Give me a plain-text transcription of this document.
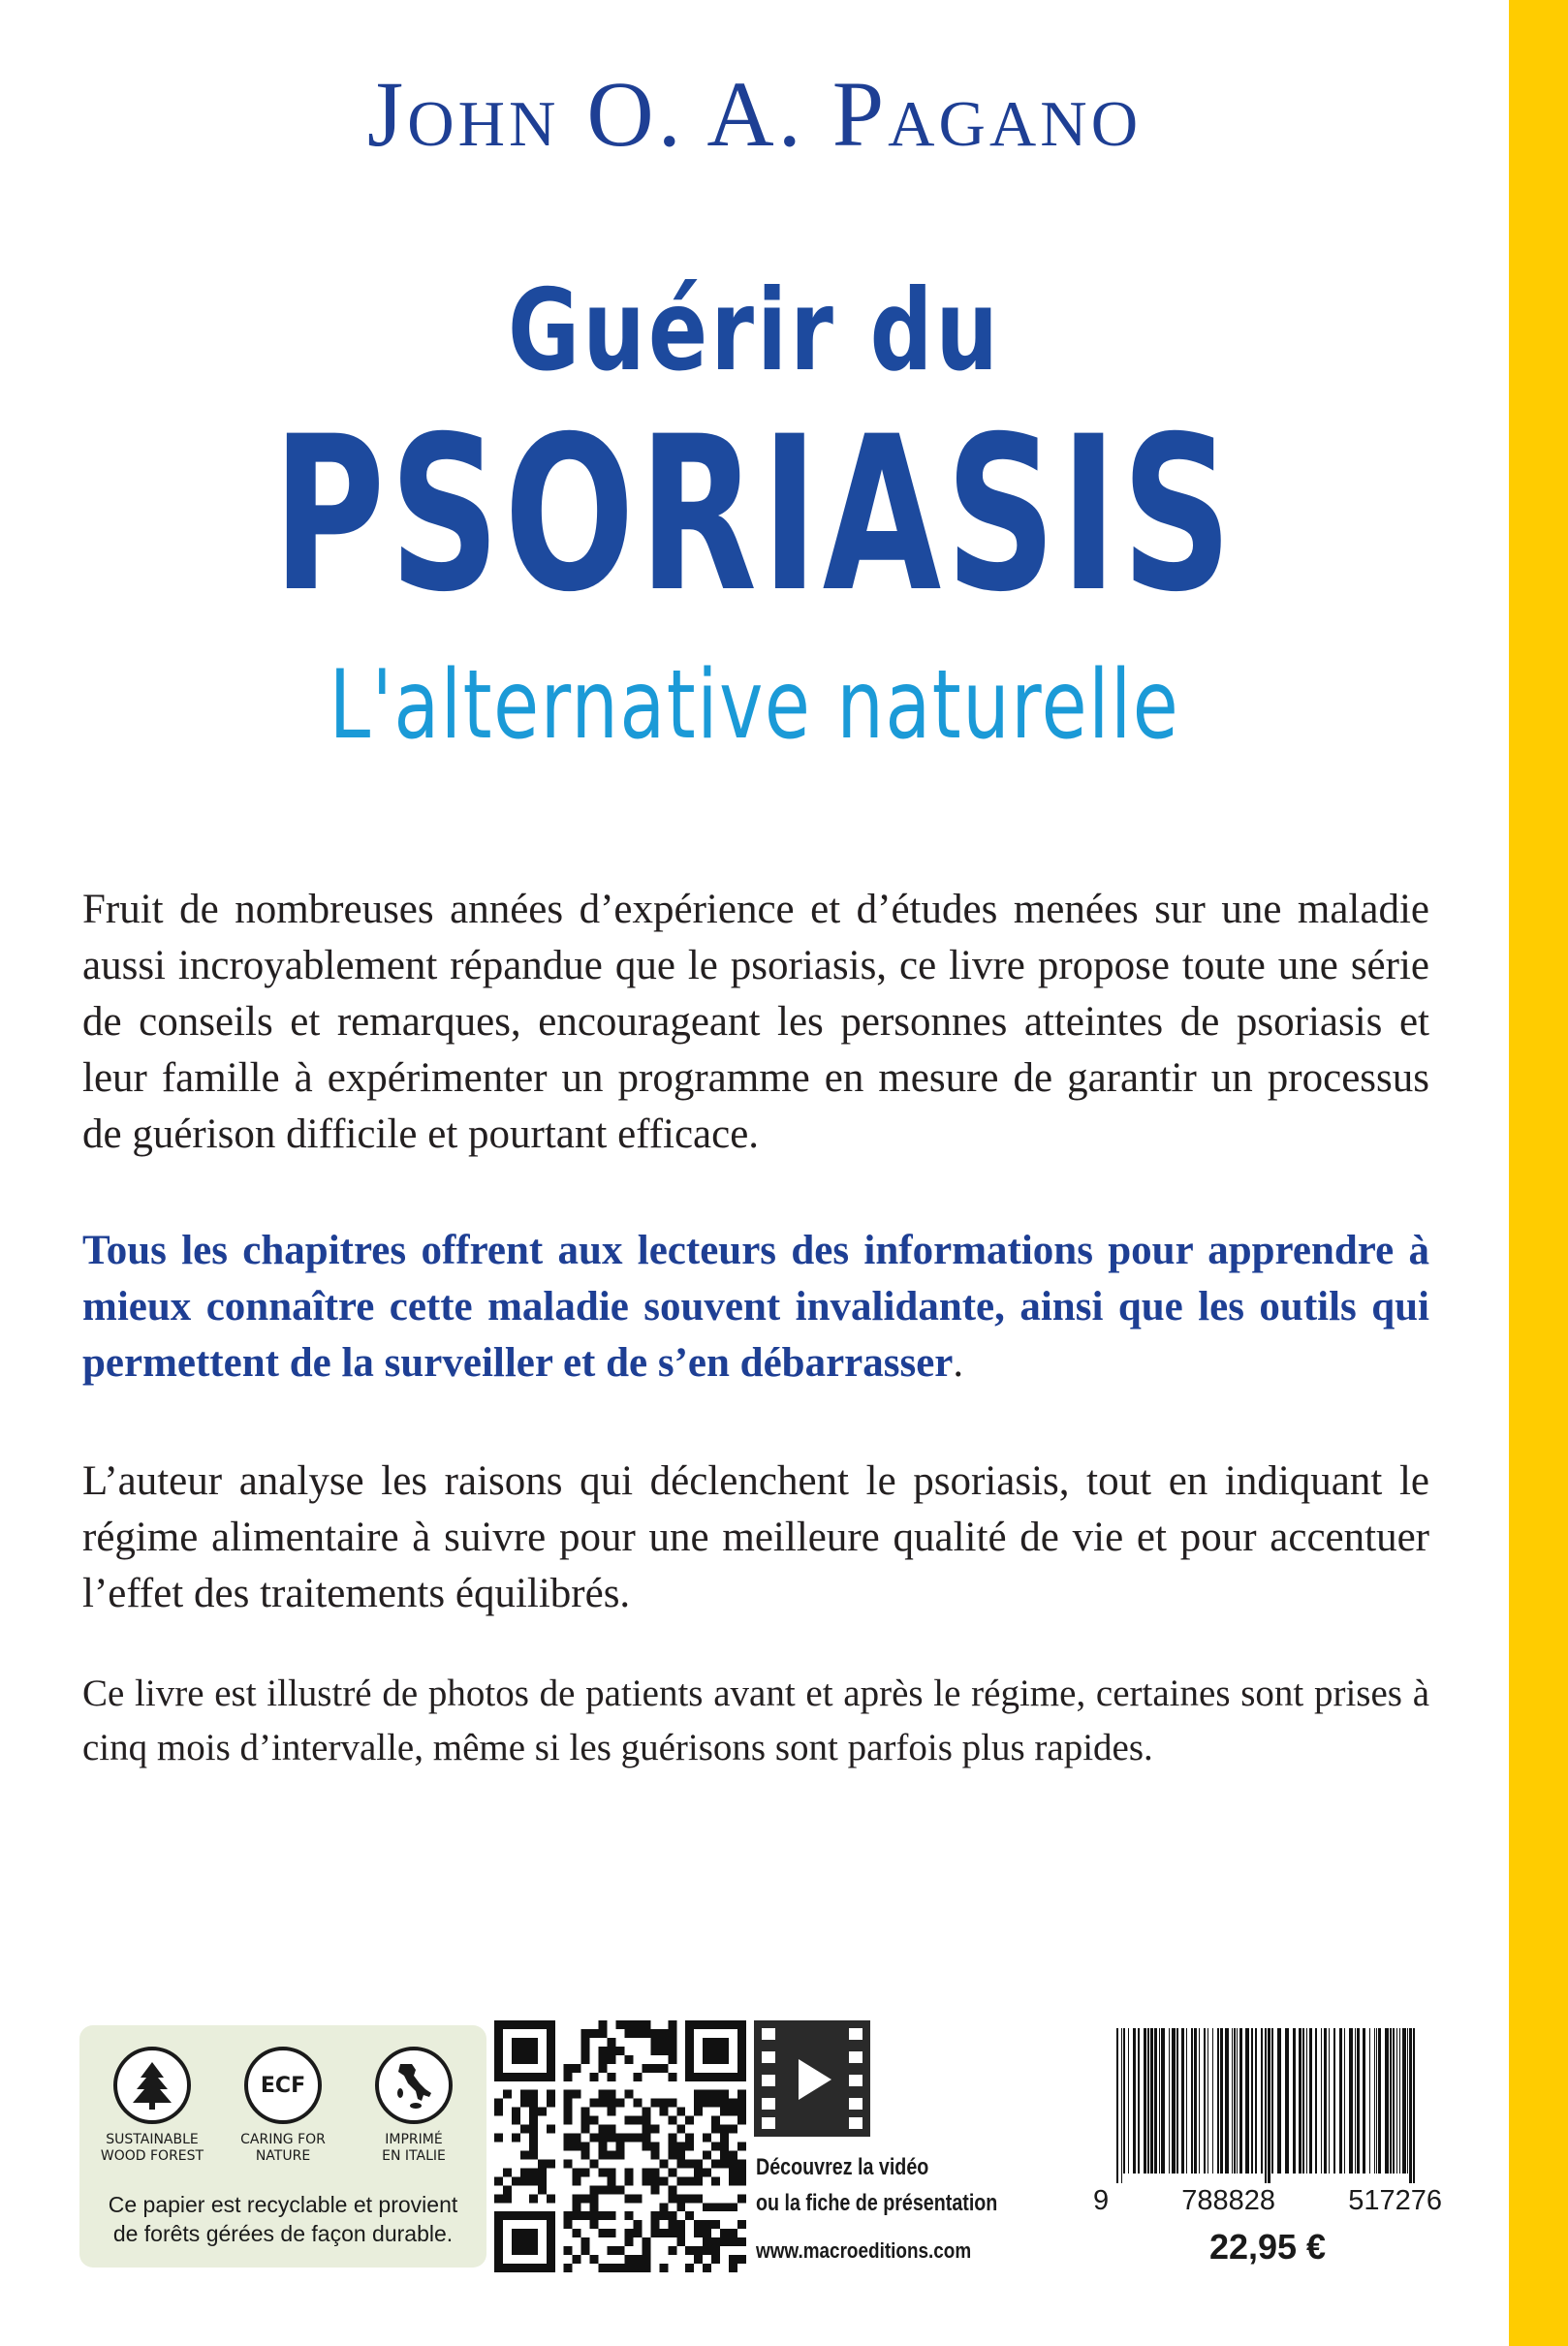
John O. A. Pagano
Guérir du
PSORIASIS
L'alternative naturelle
Fruit de nombreuses années d’expérience et d’études menées sur une maladie aussi incroyablement répandue que le psoriasis, ce livre propose toute une série de conseils et remarques, encourageant les personnes atteintes de psoriasis et leur famille à expérimenter un programme en mesure de garantir un processus de guérison difficile et pourtant efficace.
Tous les chapitres offrent aux lecteurs des informations pour apprendre à mieux connaître cette maladie souvent invalidante, ainsi que les outils qui permettent de la surveiller et de s’en débarrasser.
L’auteur analyse les raisons qui déclenchent le psoriasis, tout en indiquant le régime alimentaire à suivre pour une meilleure qualité de vie et pour accentuer l’effet des traitements équilibrés.
Ce livre est illustré de photos de patients avant et après le régime, certaines sont prises à cinq mois d’intervalle, même si les guérisons sont parfois plus rapides.
SUSTAINABLE
WOOD FOREST
ECF
CARING FOR
NATURE
IMPRIMÉ
EN ITALIE
Ce papier est recyclable et provient
de forêts gérées de façon durable.
Découvrez la vidéo
ou la fiche de présentation
www.macroeditions.com
9	788828	517276
22,95 €
